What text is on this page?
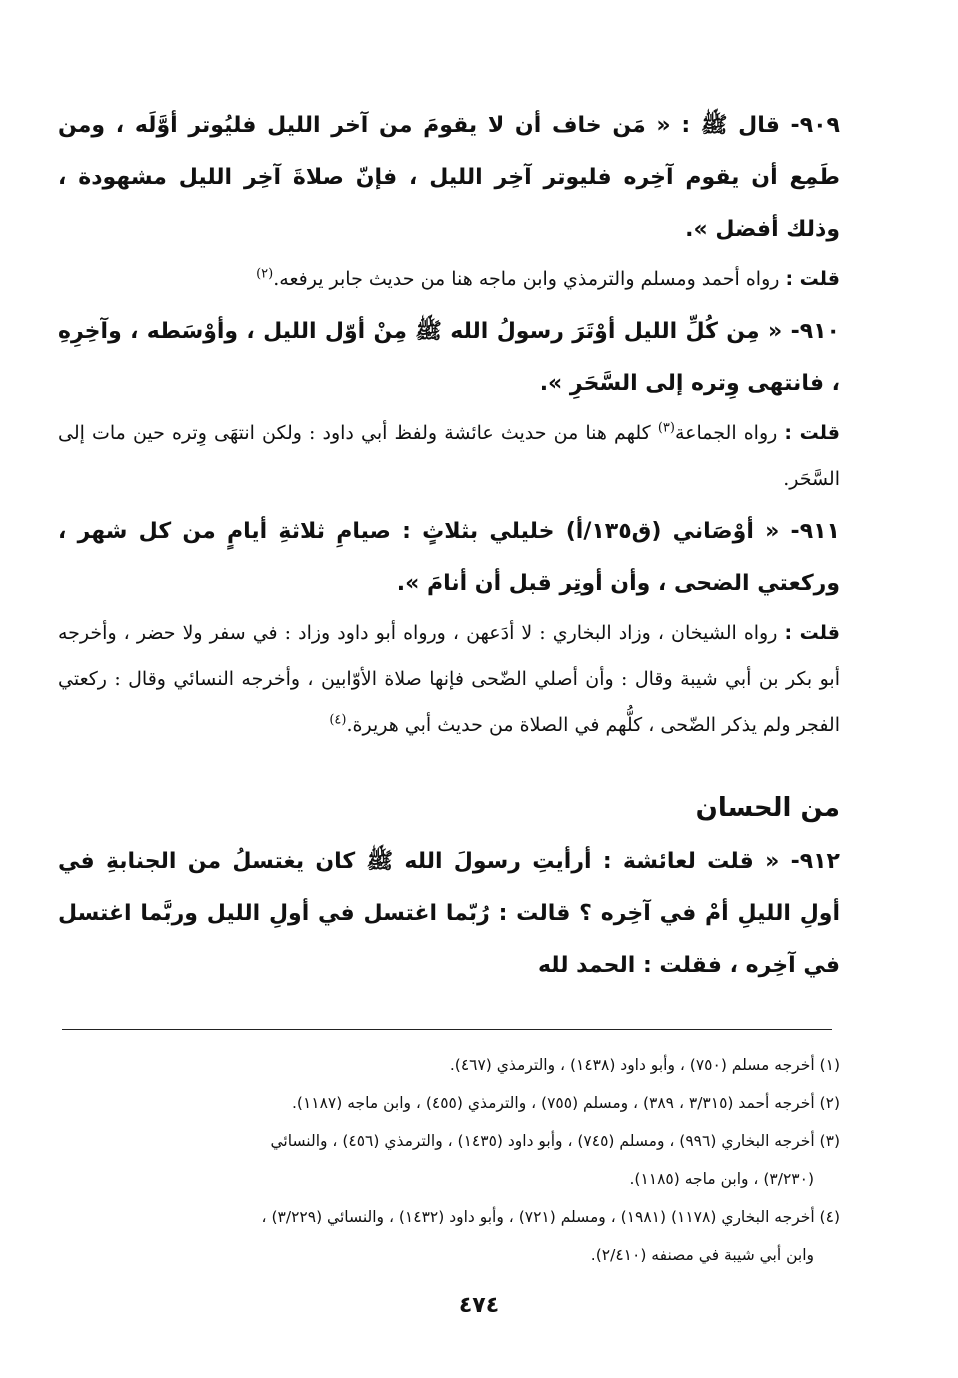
٩٠٩- قال ﷺ : « مَن خاف أن لا يقومَ من آخر الليل فليُوتر أوَّلَه ، ومن طَمِع أن يقوم آخِره فليوتر آخِر الليل ، فإنّ صلاةَ آخِر الليل مشهودة ، وذلك أفضل ».

قلت : رواه أحمد ومسلم والترمذي وابن ماجه هنا من حديث جابر يرفعه.$^{(٢)}$

٩١٠- « مِن كُلِّ الليل أوْتَرَ رسولُ الله ﷺ مِنْ أوّل الليل ، وأوْسَطه ، وآخِرِهِ ، فانتهى وِتره إلى السَّحَرِ ».

قلت : رواه الجماعة$^{(٣)}$ كلهم هنا من حديث عائشة ولفظ أبي داود : ولكن انتهَى وِتره حين مات إلى السَّحَر.

٩١١- « أوْصَاني (ق١٣٥/أ) خليلي بثلاثٍ : صيامِ ثلاثةِ أيامٍ من كل شهر ، وركعتي الضحى ، وأن أوتِر قبل أن أنامَ ».

قلت : رواه الشيخان ، وزاد البخاري : لا أدَعهن ، ورواه أبو داود وزاد : في سفر ولا حضر ، وأخرجه أبو بكر بن أبي شيبة وقال : وأن أصلي الضّحى فإنها صلاة الأوّابين ، وأخرجه النسائي وقال : ركعتي الفجر ولم يذكر الضّحى ، كلُّهم في الصلاة من حديث أبي هريرة.$^{(٤)}$

من الحسان

٩١٢- « قلت لعائشة : أرأيتِ رسولَ الله ﷺ كان يغتسلُ من الجنابةِ في أولِ الليلِ أمْ في آخِره ؟ قالت : رُبّما اغتسل في أولِ الليل وربَّما اغتسل في آخِره ، فقلت : الحمد لله

(١) أخرجه مسلم (٧٥٠) ، وأبو داود (١٤٣٨) ، والترمذي (٤٦٧).

(٢) أخرجه أحمد (٣/٣١٥ ، ٣٨٩) ، ومسلم (٧٥٥) ، والترمذي (٤٥٥) ، وابن ماجه (١١٨٧).

(٣) أخرجه البخاري (٩٩٦) ، ومسلم (٧٤٥) ، وأبو داود (١٤٣٥) ، والترمذي (٤٥٦) ، والنسائي

(٣/٢٣٠) ، وابن ماجه (١١٨٥).

(٤) أخرجه البخاري (١١٧٨) (١٩٨١) ، ومسلم (٧٢١) ، وأبو داود (١٤٣٢) ، والنسائي (٣/٢٢٩) ،

وابن أبي شيبة في مصنفه (٢/٤١٠).

٤٧٤
